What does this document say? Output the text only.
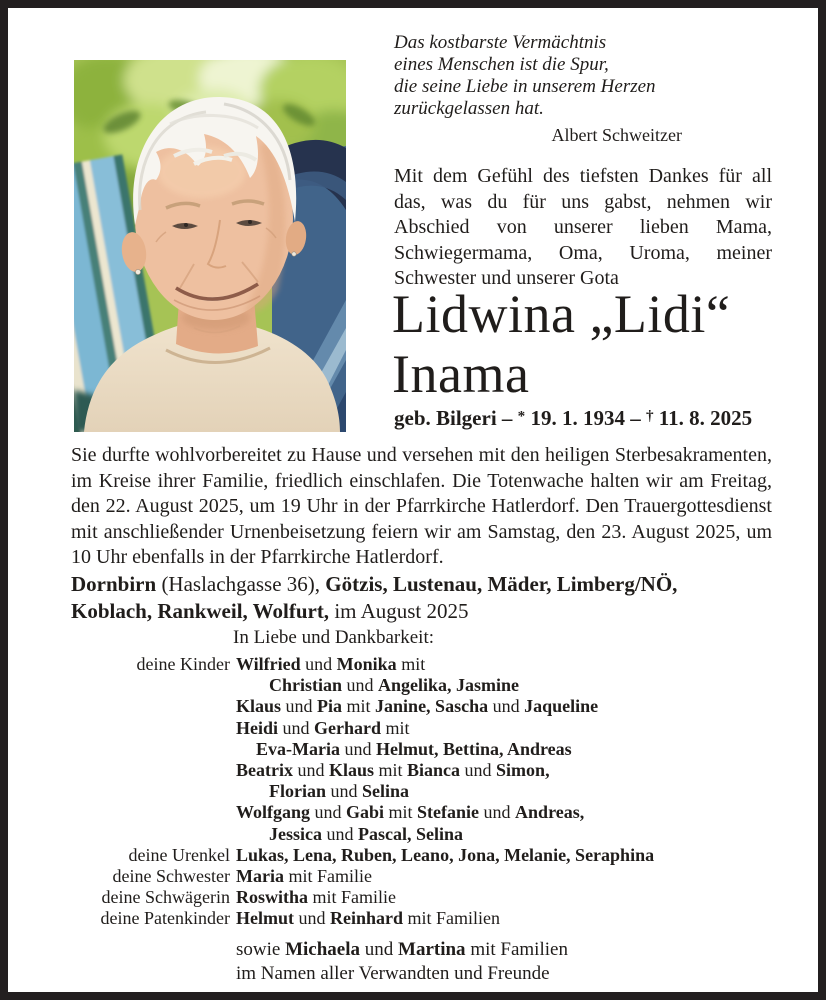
Das kostbarste Vermächtnis
eines Menschen ist die Spur,
die seine Liebe in unserem Herzen
zurückgelassen hat.
Albert Schweitzer
Mit dem Gefühl des tiefsten Dankes für all das, was du für uns gabst, nehmen wir Abschied von unserer lieben Mama, Schwiegermama, Oma, Uroma, meiner Schwester und unserer Gota
Lidwina „Lidi“
Inama
geb. Bilgeri – * 19. 1. 1934 – † 11. 8. 2025
Sie durfte wohlvorbereitet zu Hause und versehen mit den heiligen Sterbesakramenten, im Kreise ihrer Familie, friedlich einschlafen. Die Totenwache halten wir am Freitag, den 22. August 2025, um 19 Uhr in der Pfarrkirche Hatlerdorf. Den Trauergottesdienst mit anschließender Urnenbeisetzung feiern wir am Samstag, den 23. August 2025, um 10 Uhr ebenfalls in der Pfarrkirche Hatlerdorf.
Dornbirn (Haslachgasse 36), Götzis, Lustenau, Mäder, Limberg/NÖ,
Koblach, Rankweil, Wolfurt, im August 2025
In Liebe und Dankbarkeit:
deine Kinder Wilfried und Monika mit
Christian und Angelika, Jasmine
Klaus und Pia mit Janine, Sascha und Jaqueline
Heidi und Gerhard mit
Eva-Maria und Helmut, Bettina, Andreas
Beatrix und Klaus mit Bianca und Simon,
Florian und Selina
Wolfgang und Gabi mit Stefanie und Andreas,
Jessica und Pascal, Selina
deine Urenkel Lukas, Lena, Ruben, Leano, Jona, Melanie, Seraphina
deine Schwester Maria mit Familie
deine Schwägerin Roswitha mit Familie
deine Patenkinder Helmut und Reinhard mit Familien
sowie Michaela und Martina mit Familien
im Namen aller Verwandten und Freunde
